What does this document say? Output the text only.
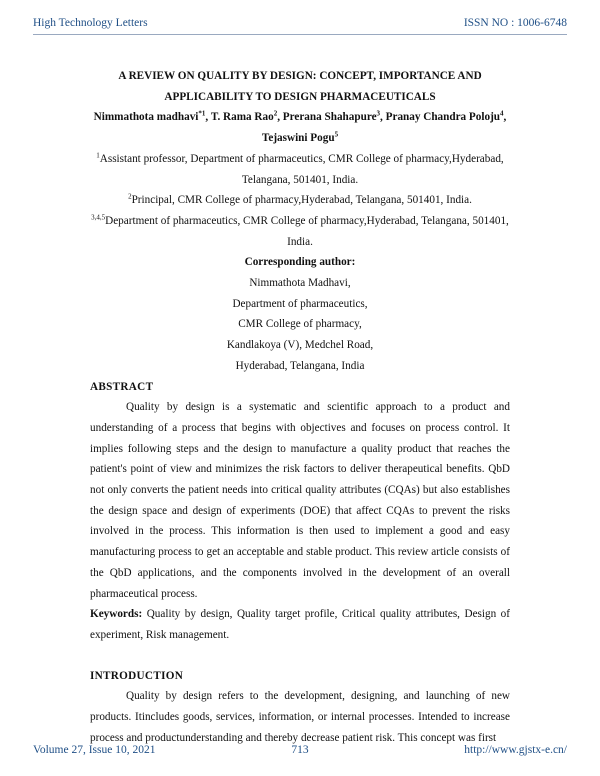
High Technology Letters	ISSN NO : 1006-6748
A REVIEW ON QUALITY BY DESIGN: CONCEPT, IMPORTANCE AND APPLICABILITY TO DESIGN PHARMACEUTICALS
Nimmathota madhavi$^{*1}$, T. Rama Rao$^2$, Prerana Shahapure$^3$, Pranay Chandra Poloju$^4$, Tejaswini Pogu$^5$
$^1$Assistant professor, Department of pharmaceutics, CMR College of pharmacy,Hyderabad, Telangana, 501401, India.
$^2$Principal, CMR College of pharmacy,Hyderabad, Telangana, 501401, India.
$^{3,4,5}$Department of pharmaceutics, CMR College of pharmacy,Hyderabad, Telangana, 501401, India.
Corresponding author:
Nimmathota Madhavi,
Department of pharmaceutics,
CMR College of pharmacy,
Kandlakoya (V), Medchel Road,
Hyderabad, Telangana, India
ABSTRACT

Quality by design is a systematic and scientific approach to a product and understanding of a process that begins with objectives and focuses on process control. It implies following steps and the design to manufacture a quality product that reaches the patient's point of view and minimizes the risk factors to deliver therapeutical benefits. QbD not only converts the patient needs into critical quality attributes (CQAs) but also establishes the design space and design of experiments (DOE) that affect CQAs to prevent the risks involved in the process. This information is then used to implement a good and easy manufacturing process to get an acceptable and stable product. This review article consists of the QbD applications, and the components involved in the development of an overall pharmaceutical process.

Keywords: Quality by design, Quality target profile, Critical quality attributes, Design of experiment, Risk management.

INTRODUCTION

Quality by design refers to the development, designing, and launching of new products. Itincludes goods, services, information, or internal processes. Intended to increase process and productunderstanding and thereby decrease patient risk. This concept was first

Volume 27, Issue 10, 2021	713	http://www.gjstx-e.cn/
